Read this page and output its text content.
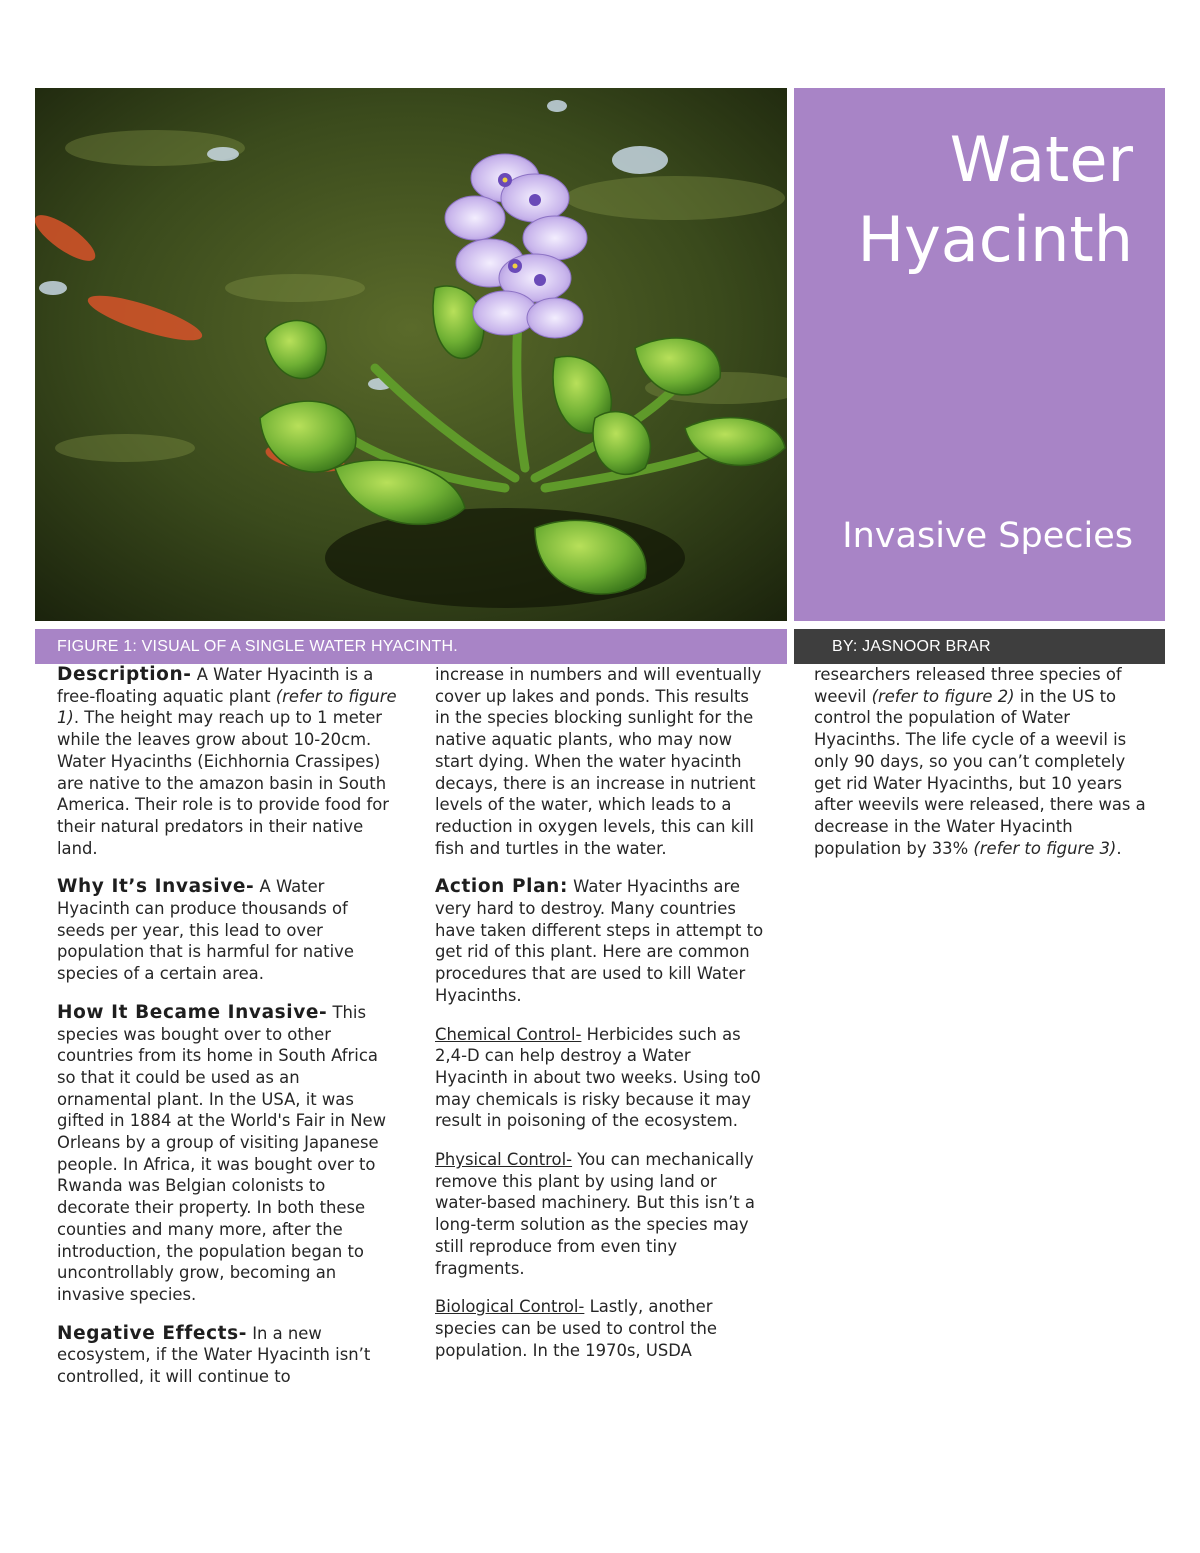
Water
Hyacinth
Invasive Species
FIGURE 1: VISUAL OF A SINGLE WATER HYACINTH.	BY: JASNOOR BRAR

Description- A Water Hyacinth is a free-floating aquatic plant (refer to figure 1). The height may reach up to 1 meter while the leaves grow about 10-20cm. Water Hyacinths (Eichhornia Crassipes) are native to the amazon basin in South America. Their role is to provide food for their natural predators in their native land.

Why It’s Invasive- A Water Hyacinth can produce thousands of seeds per year, this lead to over population that is harmful for native species of a certain area.

How It Became Invasive- This species was bought over to other countries from its home in South Africa so that it could be used as an ornamental plant. In the USA, it was gifted in 1884 at the World's Fair in New Orleans by a group of visiting Japanese people. In Africa, it was bought over to Rwanda was Belgian colonists to decorate their property. In both these counties and many more, after the introduction, the population began to uncontrollably grow, becoming an invasive species.

Negative Effects- In a new ecosystem, if the Water Hyacinth isn’t controlled, it will continue to

increase in numbers and will eventually cover up lakes and ponds. This results in the species blocking sunlight for the native aquatic plants, who may now start dying. When the water hyacinth decays, there is an increase in nutrient levels of the water, which leads to a reduction in oxygen levels, this can kill fish and turtles in the water.

Action Plan: Water Hyacinths are very hard to destroy. Many countries have taken different steps in attempt to get rid of this plant. Here are common procedures that are used to kill Water Hyacinths.

Chemical Control- Herbicides such as 2,4-D can help destroy a Water Hyacinth in about two weeks. Using to0 may chemicals is risky because it may result in poisoning of the ecosystem.

Physical Control- You can mechanically remove this plant by using land or water-based machinery. But this isn’t a long-term solution as the species may still reproduce from even tiny fragments.

Biological Control- Lastly, another species can be used to control the population. In the 1970s, USDA

researchers released three species of weevil (refer to figure 2) in the US to control the population of Water Hyacinths. The life cycle of a weevil is only 90 days, so you can’t completely get rid Water Hyacinths, but 10 years after weevils were released, there was a decrease in the Water Hyacinth population by 33% (refer to figure 3).
